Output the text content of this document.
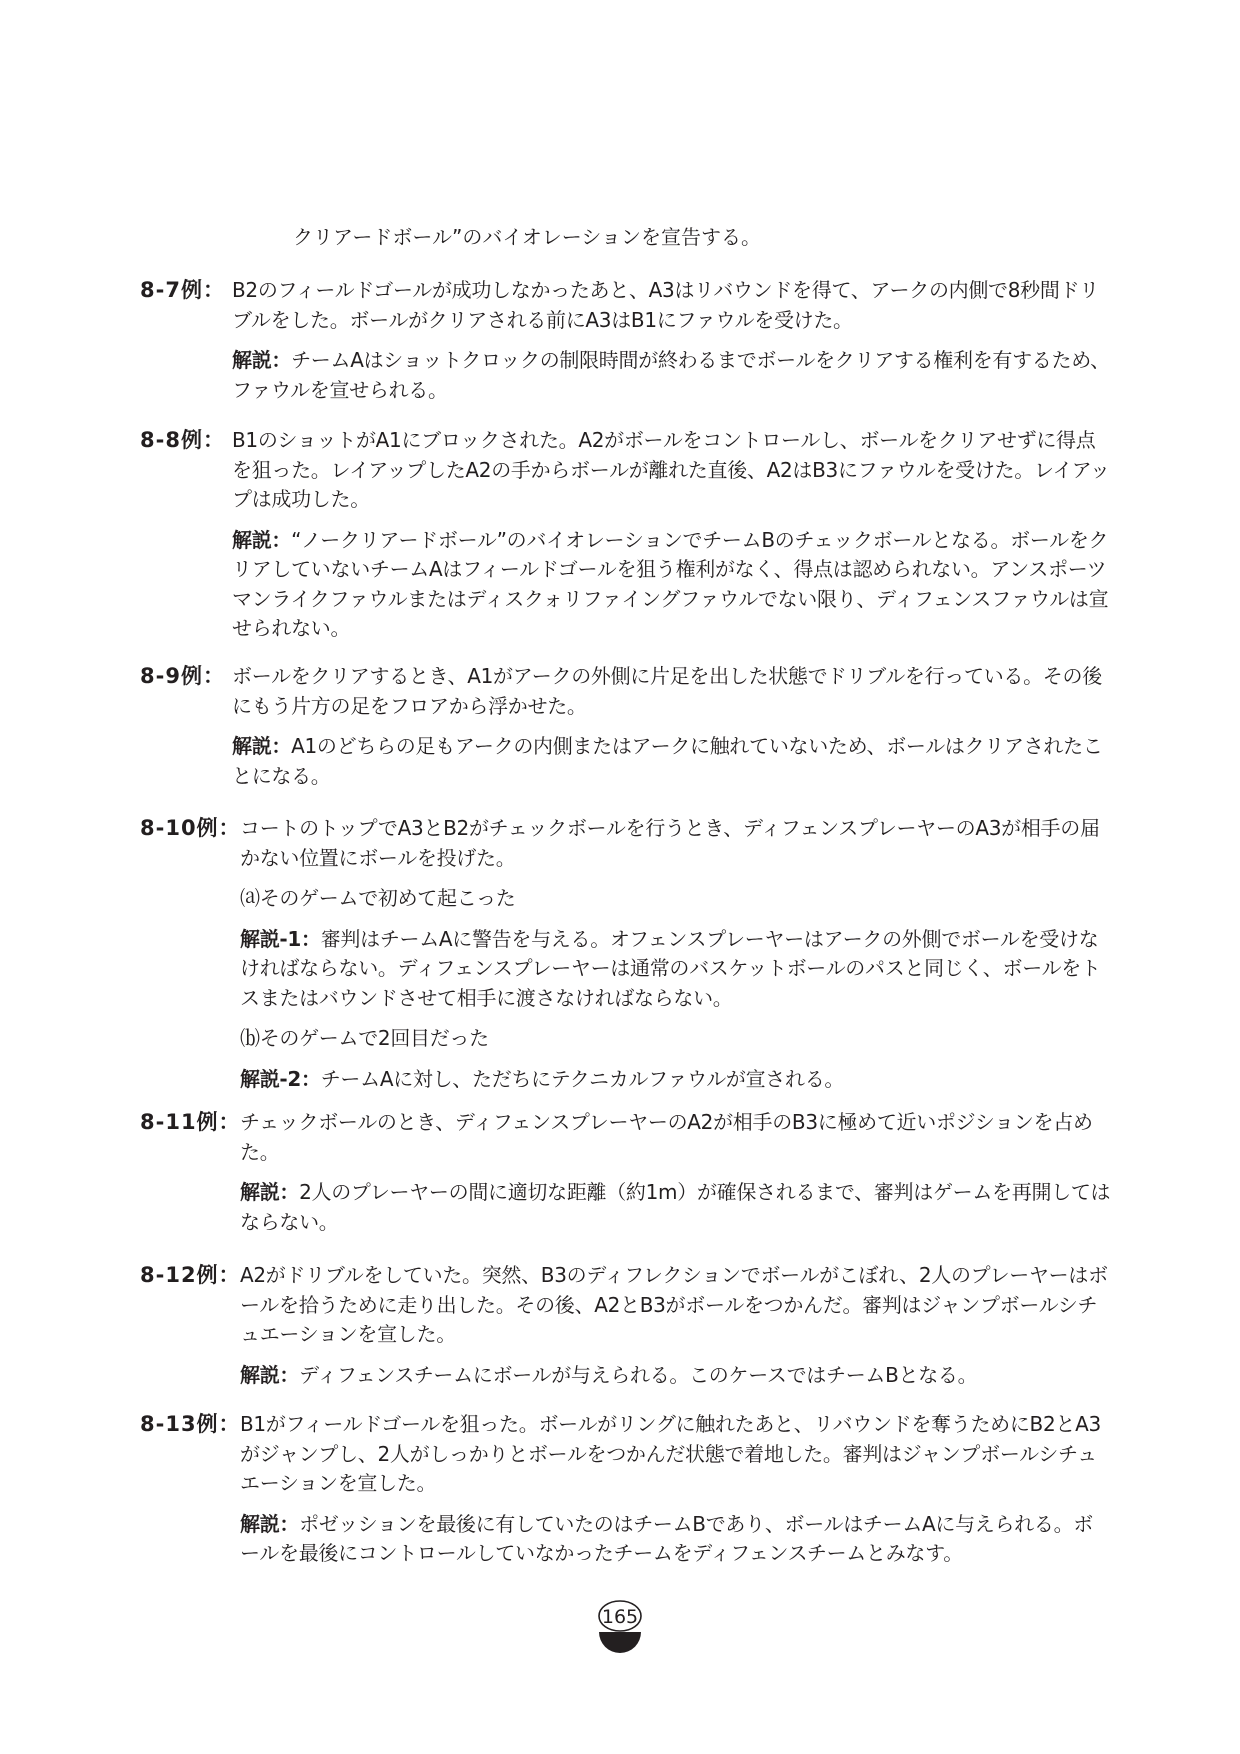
クリアードボール”のバイオレーションを宣告する。
8-7例： B2のフィールドゴールが成功しなかったあと、A3はリバウンドを得て、アークの内側で8秒間ドリブルをした。ボールがクリアされる前にA3はB1にファウルを受けた。
解説：チームAはショットクロックの制限時間が終わるまでボールをクリアする権利を有するため、ファウルを宣せられる。
8-8例： B1のショットがA1にブロックされた。A2がボールをコントロールし、ボールをクリアせずに得点を狙った。レイアップしたA2の手からボールが離れた直後、A2はB3にファウルを受けた。レイアップは成功した。
解説：“ノークリアードボール”のバイオレーションでチームBのチェックボールとなる。ボールをクリアしていないチームAはフィールドゴールを狙う権利がなく、得点は認められない。アンスポーツマンライクファウルまたはディスクォリファイングファウルでない限り、ディフェンスファウルは宣せられない。
8-9例： ボールをクリアするとき、A1がアークの外側に片足を出した状態でドリブルを行っている。その後にもう片方の足をフロアから浮かせた。
解説：A1のどちらの足もアークの内側またはアークに触れていないため、ボールはクリアされたことになる。
8-10例： コートのトップでA3とB2がチェックボールを行うとき、ディフェンスプレーヤーのA3が相手の届かない位置にボールを投げた。
⒜そのゲームで初めて起こった
解説-1：審判はチームAに警告を与える。オフェンスプレーヤーはアークの外側でボールを受けなければならない。ディフェンスプレーヤーは通常のバスケットボールのパスと同じく、ボールをトスまたはバウンドさせて相手に渡さなければならない。
⒝そのゲームで2回目だった
解説-2：チームAに対し、ただちにテクニカルファウルが宣される。
8-11例： チェックボールのとき、ディフェンスプレーヤーのA2が相手のB3に極めて近いポジションを占めた。
解説：2人のプレーヤーの間に適切な距離（約1m）が確保されるまで、審判はゲームを再開してはならない。
8-12例： A2がドリブルをしていた。突然、B3のディフレクションでボールがこぼれ、2人のプレーヤーはボールを拾うために走り出した。その後、A2とB3がボールをつかんだ。審判はジャンプボールシチュエーションを宣した。
解説：ディフェンスチームにボールが与えられる。このケースではチームBとなる。
8-13例： B1がフィールドゴールを狙った。ボールがリングに触れたあと、リバウンドを奪うためにB2とA3がジャンプし、2人がしっかりとボールをつかんだ状態で着地した。審判はジャンプボールシチュエーションを宣した。
解説：ポゼッションを最後に有していたのはチームBであり、ボールはチームAに与えられる。ボールを最後にコントロールしていなかったチームをディフェンスチームとみなす。
165
